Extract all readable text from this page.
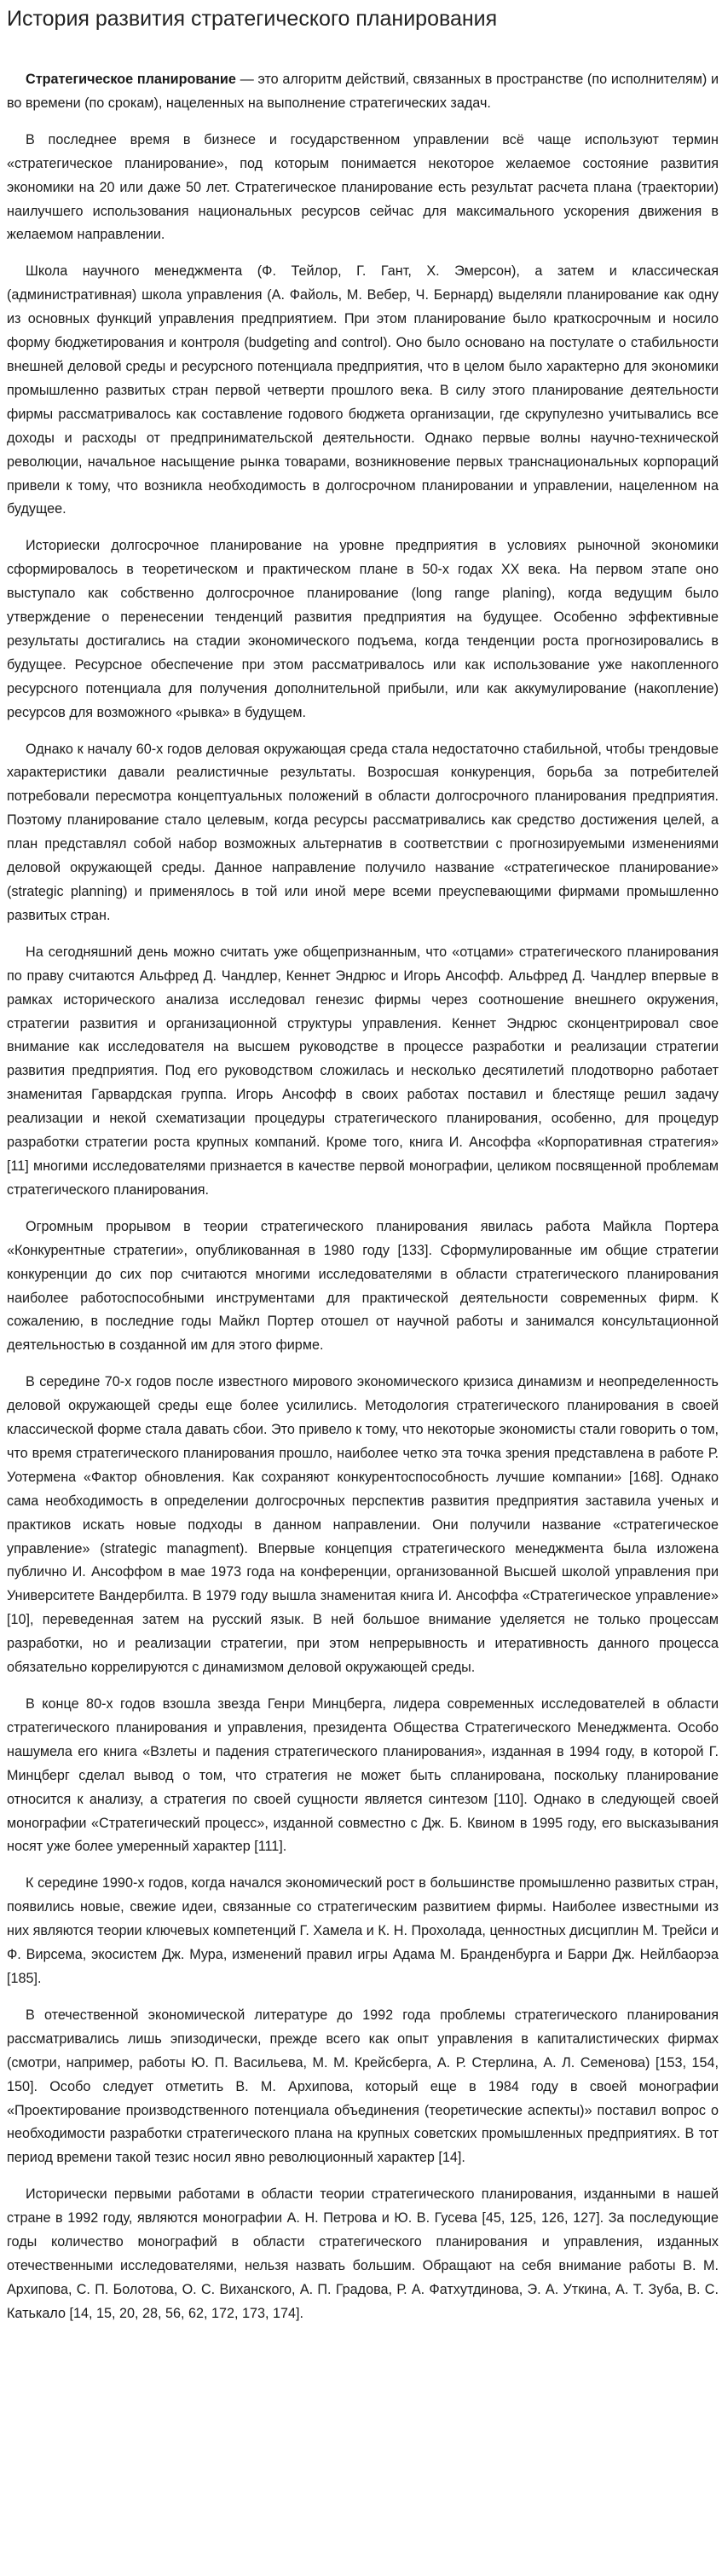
История развития стратегического планирования

Стратегическое планирование — это алгоритм действий, связанных в пространстве (по исполнителям) и во времени (по срокам), нацеленных на выполнение стратегических задач.

В последнее время в бизнесе и государственном управлении всё чаще используют термин «стратегическое планирование», под которым понимается некоторое желаемое состояние развития экономики на 20 или даже 50 лет. Стратегическое планирование есть результат расчета плана (траектории) наилучшего использования национальных ресурсов сейчас для максимального ускорения движения в желаемом направлении.

Школа научного менеджмента (Ф. Тейлор, Г. Гант, Х. Эмерсон), а затем и классическая (административная) школа управления (А. Файоль, М. Вебер, Ч. Бернард) выделяли планирование как одну из основных функций управления предприятием. При этом планирование было краткосрочным и носило форму бюджетирования и контроля (budgeting and control). Оно было основано на постулате о стабильности внешней деловой среды и ресурсного потенциала предприятия, что в целом было характерно для экономики промышленно развитых стран первой четверти прошлого века. В силу этого планирование деятельности фирмы рассматривалось как составление годового бюджета организации, где скрупулезно учитывались все доходы и расходы от предпринимательской деятельности. Однако первые волны научно-технической революции, начальное насыщение рынка товарами, возникновение первых транснациональных корпораций привели к тому, что возникла необходимость в долгосрочном планировании и управлении, нацеленном на будущее.

Историески долгосрочное планирование на уровне предприятия в условиях рыночной экономики сформировалось в теоретическом и практическом плане в 50-х годах XX века. На первом этапе оно выступало как собственно долгосрочное планирование (long range planing), когда ведущим было утверждение о перенесении тенденций развития предприятия на будущее. Особенно эффективные результаты достигались на стадии экономического подъема, когда тенденции роста прогнозировались в будущее. Ресурсное обеспечение при этом рассматривалось или как использование уже накопленного ресурсного потенциала для получения дополнительной прибыли, или как аккумулирование (накопление) ресурсов для возможного «рывка» в будущем.

Однако к началу 60-х годов деловая окружающая среда стала недостаточно стабильной, чтобы трендовые характеристики давали реалистичные результаты. Возросшая конкуренция, борьба за потребителей потребовали пересмотра концептуальных положений в области долгосрочного планирования предприятия. Поэтому планирование стало целевым, когда ресурсы рассматривались как средство достижения целей, а план представлял собой набор возможных альтернатив в соответствии с прогнозируемыми изменениями деловой окружающей среды. Данное направление получило название «стратегическое планирование» (strategic planning) и применялось в той или иной мере всеми преуспевающими фирмами промышленно развитых стран.

На сегодняшний день можно считать уже общепризнанным, что «отцами» стратегического планирования по праву считаются Альфред Д. Чандлер, Кеннет Эндрюс и Игорь Ансофф. Альфред Д. Чандлер впервые в рамках исторического анализа исследовал генезис фирмы через соотношение внешнего окружения, стратегии развития и организационной структуры управления. Кеннет Эндрюс сконцентрировал свое внимание как исследователя на высшем руководстве в процессе разработки и реализации стратегии развития предприятия. Под его руководством сложилась и несколько десятилетий плодотворно работает знаменитая Гарвардская группа. Игорь Ансофф в своих работах поставил и блестяще решил задачу реализации и некой схематизации процедуры стратегического планирования, особенно, для процедур разработки стратегии роста крупных компаний. Кроме того, книга И. Ансоффа «Корпоративная стратегия» [11] многими исследователями признается в качестве первой монографии, целиком посвященной проблемам стратегического планирования.

Огромным прорывом в теории стратегического планирования явилась работа Майкла Портера «Конкурентные стратегии», опубликованная в 1980 году [133]. Сформулированные им общие стратегии конкуренции до сих пор считаются многими исследователями в области стратегического планирования наиболее работоспособными инструментами для практической деятельности современных фирм. К сожалению, в последние годы Майкл Портер отошел от научной работы и занимался консультационной деятельностью в созданной им для этого фирме.

В середине 70-х годов после известного мирового экономического кризиса динамизм и неопределенность деловой окружающей среды еще более усилились. Методология стратегического планирования в своей классической форме стала давать сбои. Это привело к тому, что некоторые экономисты стали говорить о том, что время стратегического планирования прошло, наиболее четко эта точка зрения представлена в работе Р. Уотермена «Фактор обновления. Как сохраняют конкурентоспособность лучшие компании» [168]. Однако сама необходимость в определении долгосрочных перспектив развития предприятия заставила ученых и практиков искать новые подходы в данном направлении. Они получили название «стратегическое управление» (strategic managment). Впервые концепция стратегического менеджмента была изложена публично И. Ансоффом в мае 1973 года на конференции, организованной Высшей школой управления при Университете Вандербилта. В 1979 году вышла знаменитая книга И. Ансоффа «Стратегическое управление» [10], переведенная затем на русский язык. В ней большое внимание уделяется не только процессам разработки, но и реализации стратегии, при этом непрерывность и итеративность данного процесса обязательно коррелируются с динамизмом деловой окружающей среды.

В конце 80-х годов взошла звезда Генри Минцберга, лидера современных исследователей в области стратегического планирования и управления, президента Общества Стратегического Менеджмента. Особо нашумела его книга «Взлеты и падения стратегического планирования», изданная в 1994 году, в которой Г. Минцберг сделал вывод о том, что стратегия не может быть спланирована, поскольку планирование относится к анализу, а стратегия по своей сущности является синтезом [110]. Однако в следующей своей монографии «Стратегический процесс», изданной совместно с Дж. Б. Квином в 1995 году, его высказывания носят уже более умеренный характер [111].

К середине 1990-х годов, когда начался экономический рост в большинстве промышленно развитых стран, появились новые, свежие идеи, связанные со стратегическим развитием фирмы. Наиболее известными из них являются теории ключевых компетенций Г. Хамела и К. Н. Прохолада, ценностных дисциплин М. Трейси и Ф. Вирсема, экосистем Дж. Мура, изменений правил игры Адама М. Бранденбурга и Барри Дж. Нейлбаорэа [185].

В отечественной экономической литературе до 1992 года проблемы стратегического планирования рассматривались лишь эпизодически, прежде всего как опыт управления в капиталистических фирмах (смотри, например, работы Ю. П. Васильева, М. М. Крейсберга, А. Р. Стерлина, А. Л. Семенова) [153, 154, 150]. Особо следует отметить В. М. Архипова, который еще в 1984 году в своей монографии «Проектирование производственного потенциала объединения (теоретические аспекты)» поставил вопрос о необходимости разработки стратегического плана на крупных советских промышленных предприятиях. В тот период времени такой тезис носил явно революционный характер [14].

Исторически первыми работами в области теории стратегического планирования, изданными в нашей стране в 1992 году, являются монографии А. Н. Петрова и Ю. В. Гусева [45, 125, 126, 127]. За последующие годы количество монографий в области стратегического планирования и управления, изданных отечественными исследователями, нельзя назвать большим. Обращают на себя внимание работы В. М. Архипова, С. П. Болотова, О. С. Виханского, А. П. Градова, Р. А. Фатхутдинова, Э. А. Уткина, А. Т. Зуба, В. С. Катькало [14, 15, 20, 28, 56, 62, 172, 173, 174].
